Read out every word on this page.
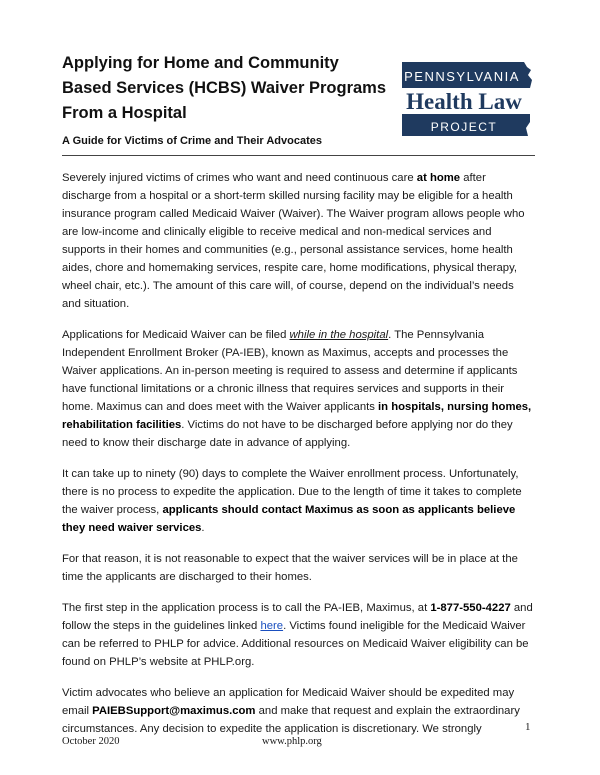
Applying for Home and Community
Based Services (HCBS) Waiver Programs
From a Hospital
PENNSYLVANIA
Health Law
PROJECT
A Guide for Victims of Crime and Their Advocates

Severely injured victims of crimes who want and need continuous care at home after discharge from a hospital or a short-term skilled nursing facility may be eligible for a health insurance program called Medicaid Waiver (Waiver). The Waiver program allows people who are low-income and clinically eligible to receive medical and non-medical services and supports in their homes and communities (e.g., personal assistance services, home health aides, chore and homemaking services, respite care, home modifications, physical therapy, wheel chair, etc.). The amount of this care will, of course, depend on the individual’s needs and situation.

Applications for Medicaid Waiver can be filed while in the hospital. The Pennsylvania Independent Enrollment Broker (PA-IEB), known as Maximus, accepts and processes the Waiver applications. An in-person meeting is required to assess and determine if applicants have functional limitations or a chronic illness that requires services and supports in their home. Maximus can and does meet with the Waiver applicants in hospitals, nursing homes, rehabilitation facilities. Victims do not have to be discharged before applying nor do they need to know their discharge date in advance of applying.

It can take up to ninety (90) days to complete the Waiver enrollment process. Unfortunately, there is no process to expedite the application. Due to the length of time it takes to complete the waiver process, applicants should contact Maximus as soon as applicants believe they need waiver services.

For that reason, it is not reasonable to expect that the waiver services will be in place at the time the applicants are discharged to their homes.

The first step in the application process is to call the PA-IEB, Maximus, at 1-877-550-4227 and follow the steps in the guidelines linked here. Victims found ineligible for the Medicaid Waiver can be referred to PHLP for advice. Additional resources on Medicaid Waiver eligibility can be found on PHLP’s website at PHLP.org.

Victim advocates who believe an application for Medicaid Waiver should be expedited may email PAIEBSupport@maximus.com and make that request and explain the extraordinary circumstances. Any decision to expedite the application is discretionary. We strongly	1
October 2020	www.phlp.org
